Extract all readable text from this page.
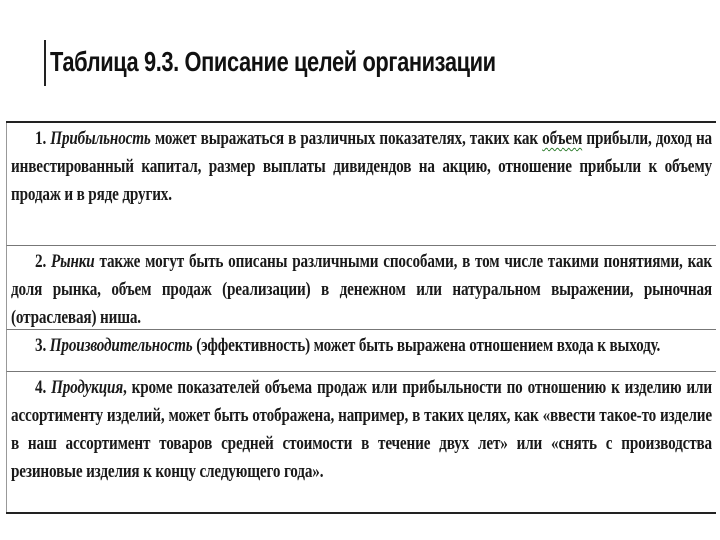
Таблица 9.3. Описание целей организации

1. Прибыльность может выражаться в различных показателях, таких как объем прибыли, доход на инвестированный капитал, размер выплаты дивидендов на акцию, отношение прибыли к объему продаж и в ряде других.

2. Рынки также могут быть описаны различными способами, в том числе такими понятиями, как доля рынка, объем продаж (реализации) в денежном или натуральном выражении, рыночная (отраслевая) ниша.

3. Производительность (эффективность) может быть выражена отношением входа к выходу.

4. Продукция, кроме показателей объема продаж или прибыльности по отношению к изделию или ассортименту изделий, может быть отображена, например, в таких целях, как «ввести такое-то изделие в наш ассортимент товаров средней стоимости в течение двух лет» или «снять с производства резиновые изделия к концу следующего года».
